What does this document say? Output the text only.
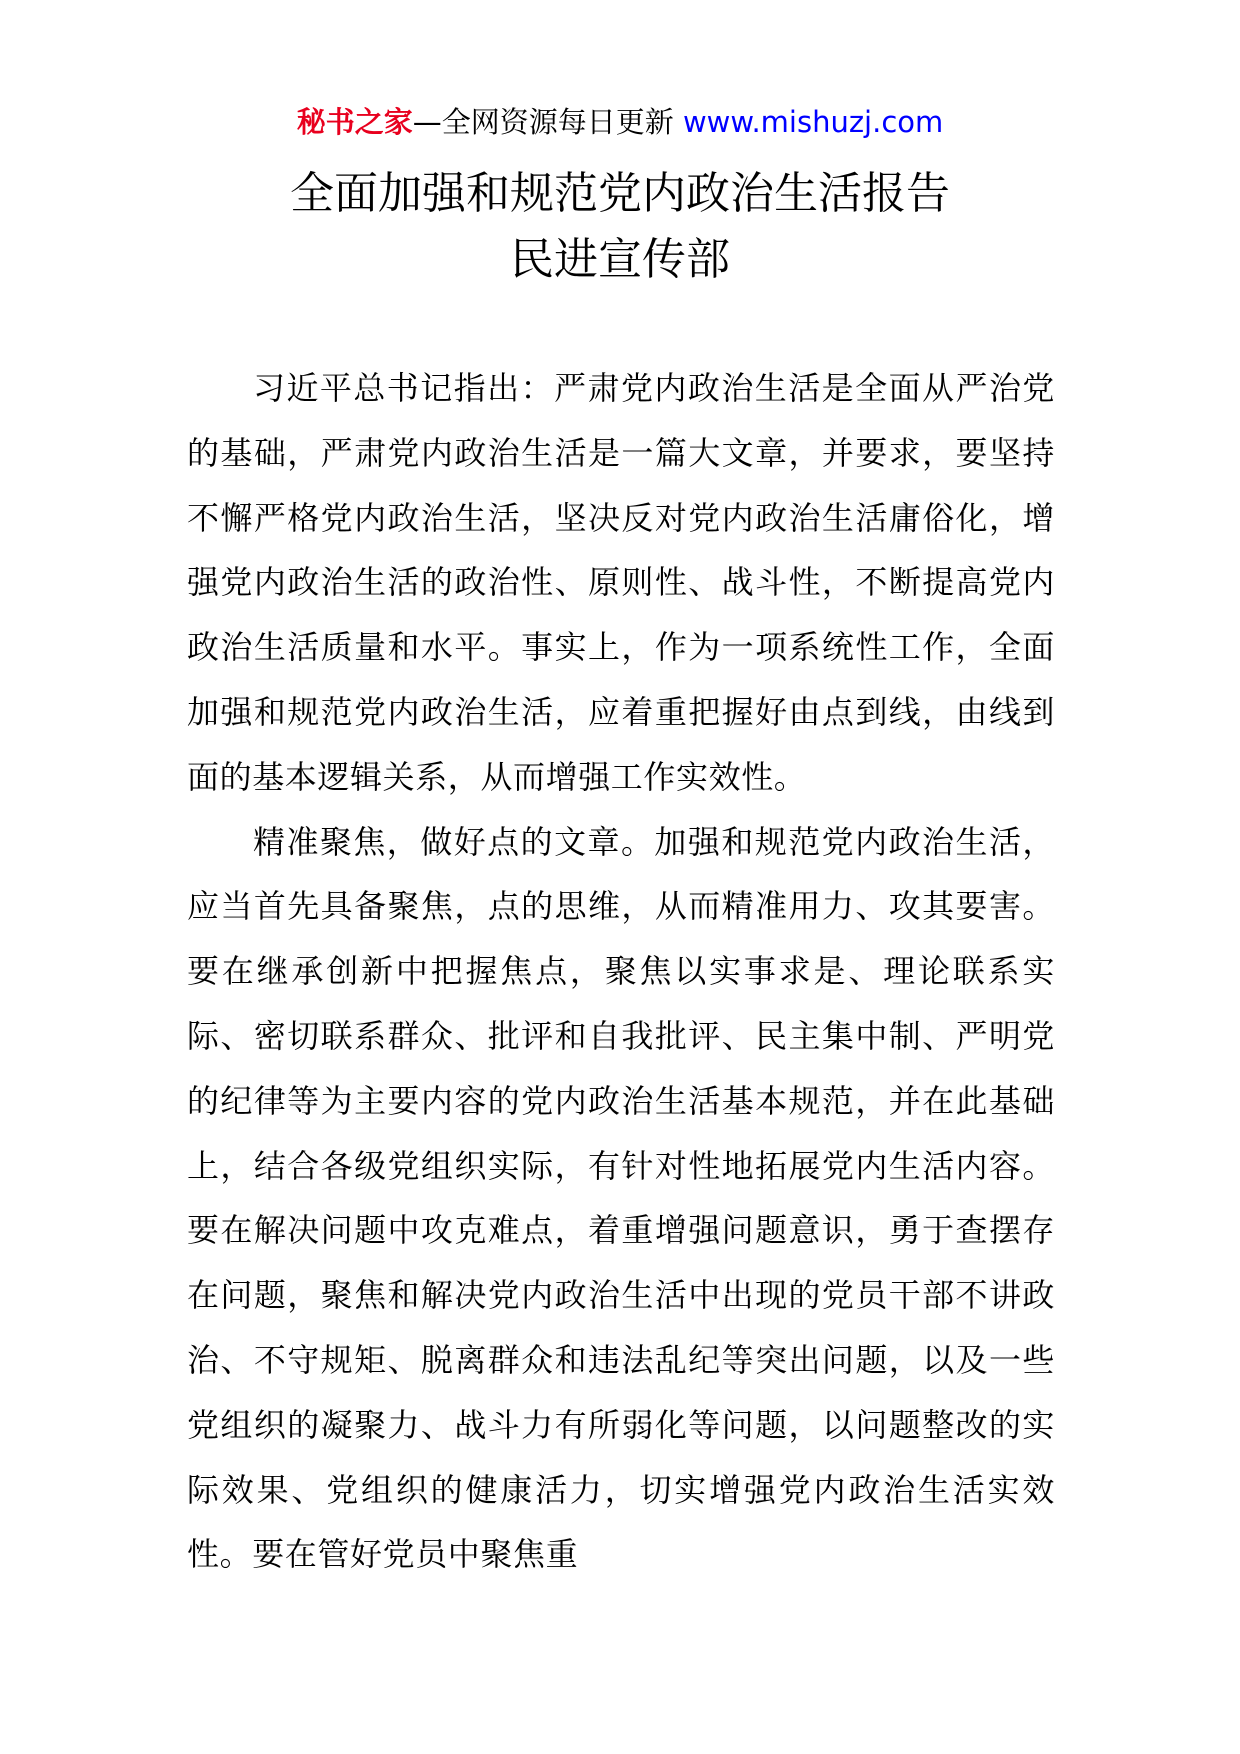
秘书之家—全网资源每日更新 www.mishuzj.com
全面加强和规范党内政治生活报告
民进宣传部

习近平总书记指出：严肃党内政治生活是全面从严治党的基础，严肃党内政治生活是一篇大文章，并要求，要坚持不懈严格党内政治生活，坚决反对党内政治生活庸俗化，增强党内政治生活的政治性、原则性、战斗性，不断提高党内政治生活质量和水平。事实上，作为一项系统性工作，全面加强和规范党内政治生活，应着重把握好由点到线，由线到面的基本逻辑关系，从而增强工作实效性。

精准聚焦，做好点的文章。加强和规范党内政治生活，应当首先具备聚焦，点的思维，从而精准用力、攻其要害。要在继承创新中把握焦点，聚焦以实事求是、理论联系实际、密切联系群众、批评和自我批评、民主集中制、严明党的纪律等为主要内容的党内政治生活基本规范，并在此基础上，结合各级党组织实际，有针对性地拓展党内生活内容。要在解决问题中攻克难点，着重增强问题意识，勇于查摆存在问题，聚焦和解决党内政治生活中出现的党员干部不讲政治、不守规矩、脱离群众和违法乱纪等突出问题，以及一些党组织的凝聚力、战斗力有所弱化等问题，以问题整改的实际效果、党组织的健康活力，切实增强党内政治生活实效性。要在管好党员中聚焦重
